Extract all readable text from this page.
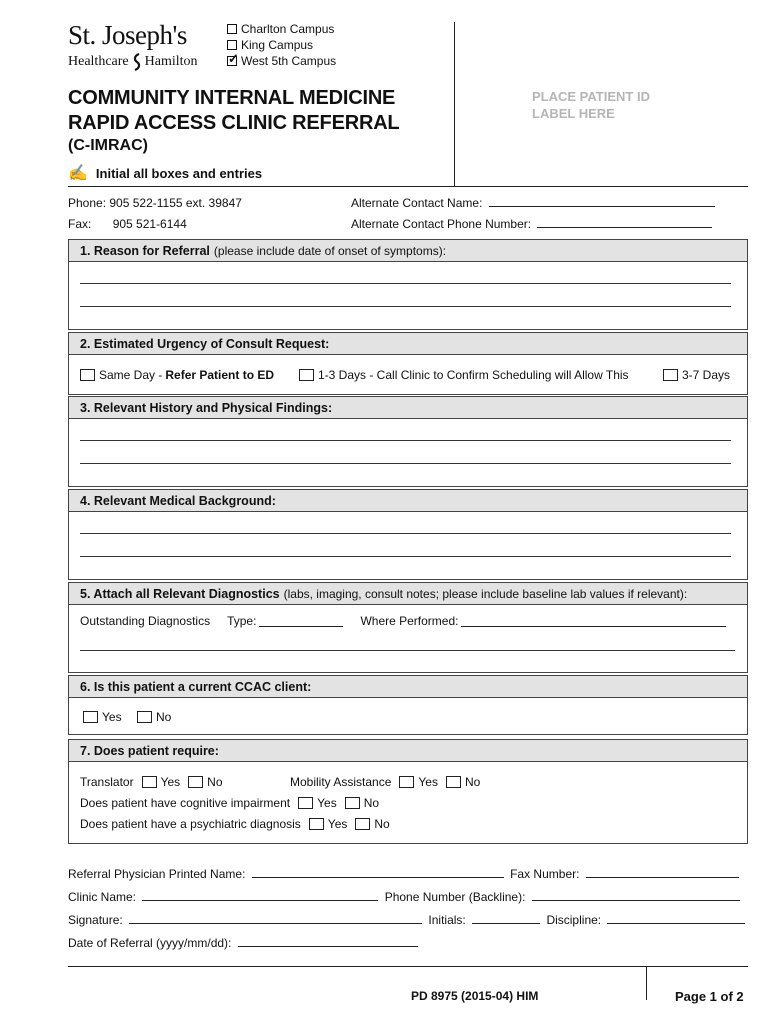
St. Joseph's
Healthcare Hamilton
Charlton Campus
King Campus
✓
West 5th Campus
COMMUNITY INTERNAL MEDICINE
RAPID ACCESS CLINIC REFERRAL
(C-IMRAC)
✍ Initial all boxes and entries
PLACE PATIENT ID
LABEL HERE
Phone: 905 522-1155 ext. 39847
Fax: 905 521-6144
Alternate Contact Name:
Alternate Contact Phone Number:
1. Reason for Referral (please include date of onset of symptoms):
2. Estimated Urgency of Consult Request:
Same Day - Refer Patient to ED	1-3 Days - Call Clinic to Confirm Scheduling will Allow This	3-7 Days
3. Relevant History and Physical Findings:
4. Relevant Medical Background:
5. Attach all Relevant Diagnostics (labs, imaging, consult notes; please include baseline lab values if relevant):
Outstanding Diagnostics Type:	Where Performed:
6. Is this patient a current CCAC client:
Yes	No
7. Does patient require:
Translator Yes No	Mobility Assistance Yes No
Does patient have cognitive impairment Yes No
Does patient have a psychiatric diagnosis Yes No
Referral Physician Printed Name:	Fax Number:
Clinic Name:	Phone Number (Backline):
Signature:	Initials:	Discipline:
Date of Referral (yyyy/mm/dd):
PD 8975 (2015-04) HIM	Page 1 of 2
